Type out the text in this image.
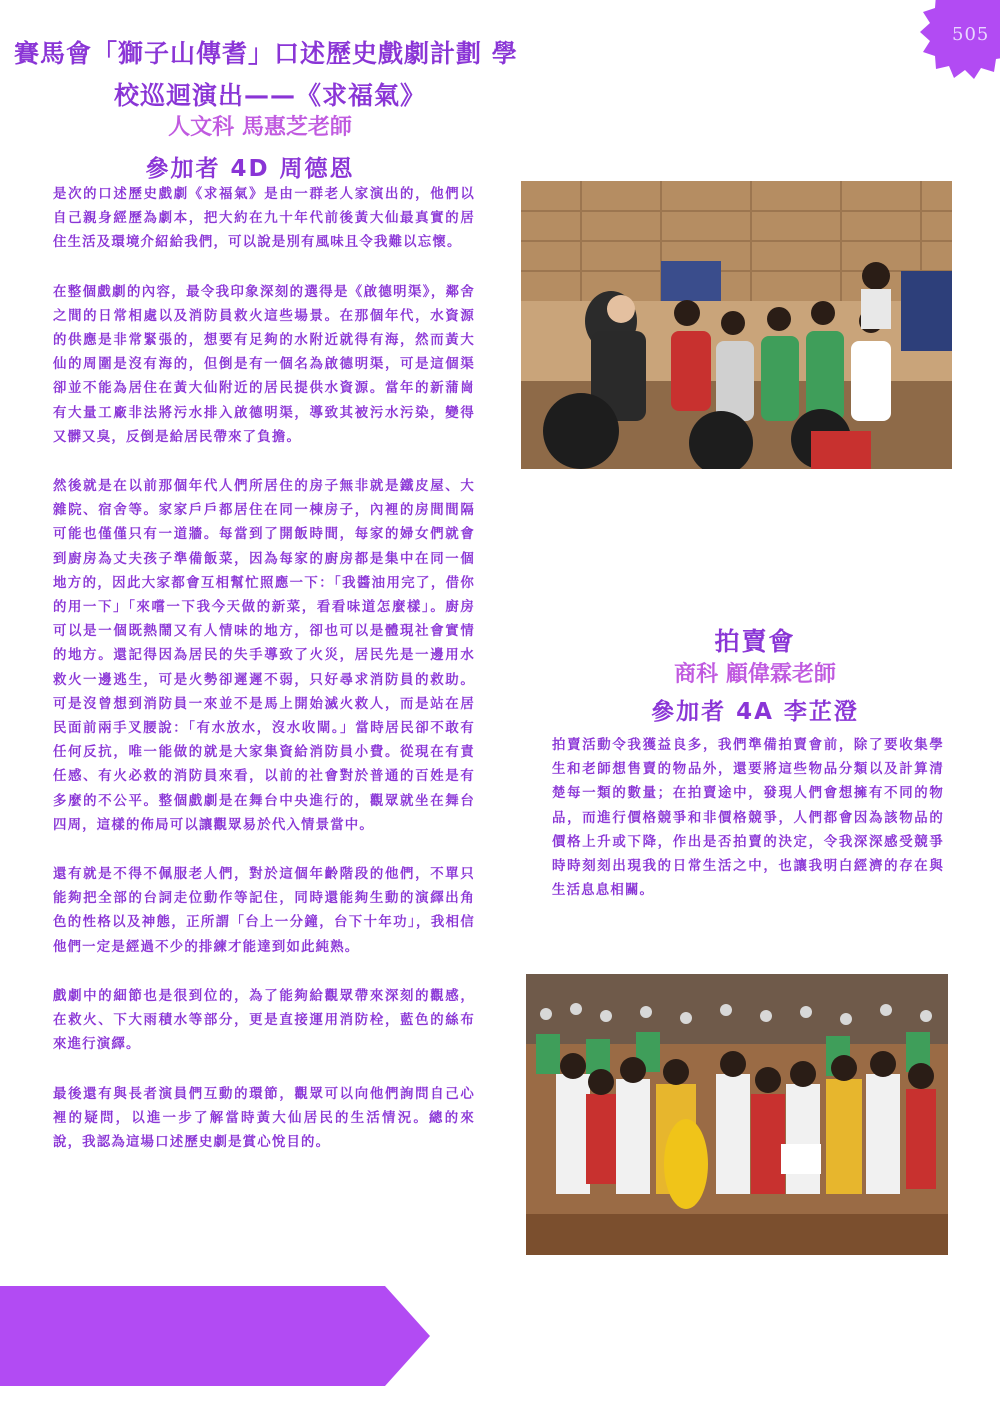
505
賽馬會「獅子山傳耆」口述歷史戲劇計劃 學
校巡迴演出——《求福氣》
人文科 馬惠芝老師
參加者 4D 周德恩

是次的口述歷史戲劇《求福氣》是由一群老人家演出的，他們以自己親身經歷為劇本，把大約在九十年代前後黃大仙最真實的居住生活及環境介紹給我們，可以說是別有風味且令我難以忘懷。

在整個戲劇的內容，最令我印象深刻的選得是《啟德明渠》，鄰舍之間的日常相處以及消防員救火這些場景。在那個年代，水資源的供應是非常緊張的，想要有足夠的水附近就得有海，然而黃大仙的周圍是沒有海的，但倒是有一個名為啟德明渠，可是這個渠卻並不能為居住在黃大仙附近的居民提供水資源。當年的新蒲崗有大量工廠非法將污水排入啟德明渠，導致其被污水污染，變得又髒又臭，反倒是給居民帶來了負擔。

然後就是在以前那個年代人們所居住的房子無非就是鐵皮屋、大雜院、宿舍等。家家戶戶都居住在同一棟房子，內裡的房間間隔可能也僅僅只有一道牆。每當到了開飯時間，每家的婦女們就會到廚房為丈夫孩子準備飯菜，因為每家的廚房都是集中在同一個地方的，因此大家都會互相幫忙照應一下：「我醬油用完了，借你的用一下」「來嚐一下我今天做的新菜，看看味道怎麼樣」。廚房可以是一個既熱鬧又有人情味的地方，卻也可以是體現社會實情的地方。還記得因為居民的失手導致了火災，居民先是一邊用水救火一邊逃生，可是火勢卻遲遲不弱，只好尋求消防員的救助。可是沒曾想到消防員一來並不是馬上開始滅火救人，而是站在居民面前兩手叉腰說：「有水放水，沒水收閘。」當時居民卻不敢有任何反抗，唯一能做的就是大家集資給消防員小費。從現在有責任感、有火必救的消防員來看，以前的社會對於普通的百姓是有多麼的不公平。整個戲劇是在舞台中央進行的，觀眾就坐在舞台四周，這樣的佈局可以讓觀眾易於代入情景當中。

還有就是不得不佩服老人們，對於這個年齡階段的他們，不單只能夠把全部的台詞走位動作等記住，同時還能夠生動的演繹出角色的性格以及神態，正所謂「台上一分鐘，台下十年功」，我相信他們一定是經過不少的排練才能達到如此純熟。

戲劇中的細節也是很到位的，為了能夠給觀眾帶來深刻的觀感，在救火、下大雨積水等部分，更是直接運用消防栓，藍色的絲布來進行演繹。

最後還有與長者演員們互動的環節，觀眾可以向他們詢問自己心裡的疑問，以進一步了解當時黃大仙居民的生活情況。總的來說，我認為這場口述歷史劇是賞心悅目的。

拍賣會
商科 顧偉霖老師
參加者 4A 李芷澄

拍賣活動令我獲益良多，我們準備拍賣會前，除了要收集學生和老師想售賣的物品外，還要將這些物品分類以及計算清楚每一類的數量；在拍賣途中，發現人們會想擁有不同的物品，而進行價格競爭和非價格競爭，人們都會因為該物品的價格上升或下降，作出是否拍賣的決定，令我深深感受競爭時時刻刻出現我的日常生活之中，也讓我明白經濟的存在與生活息息相關。
